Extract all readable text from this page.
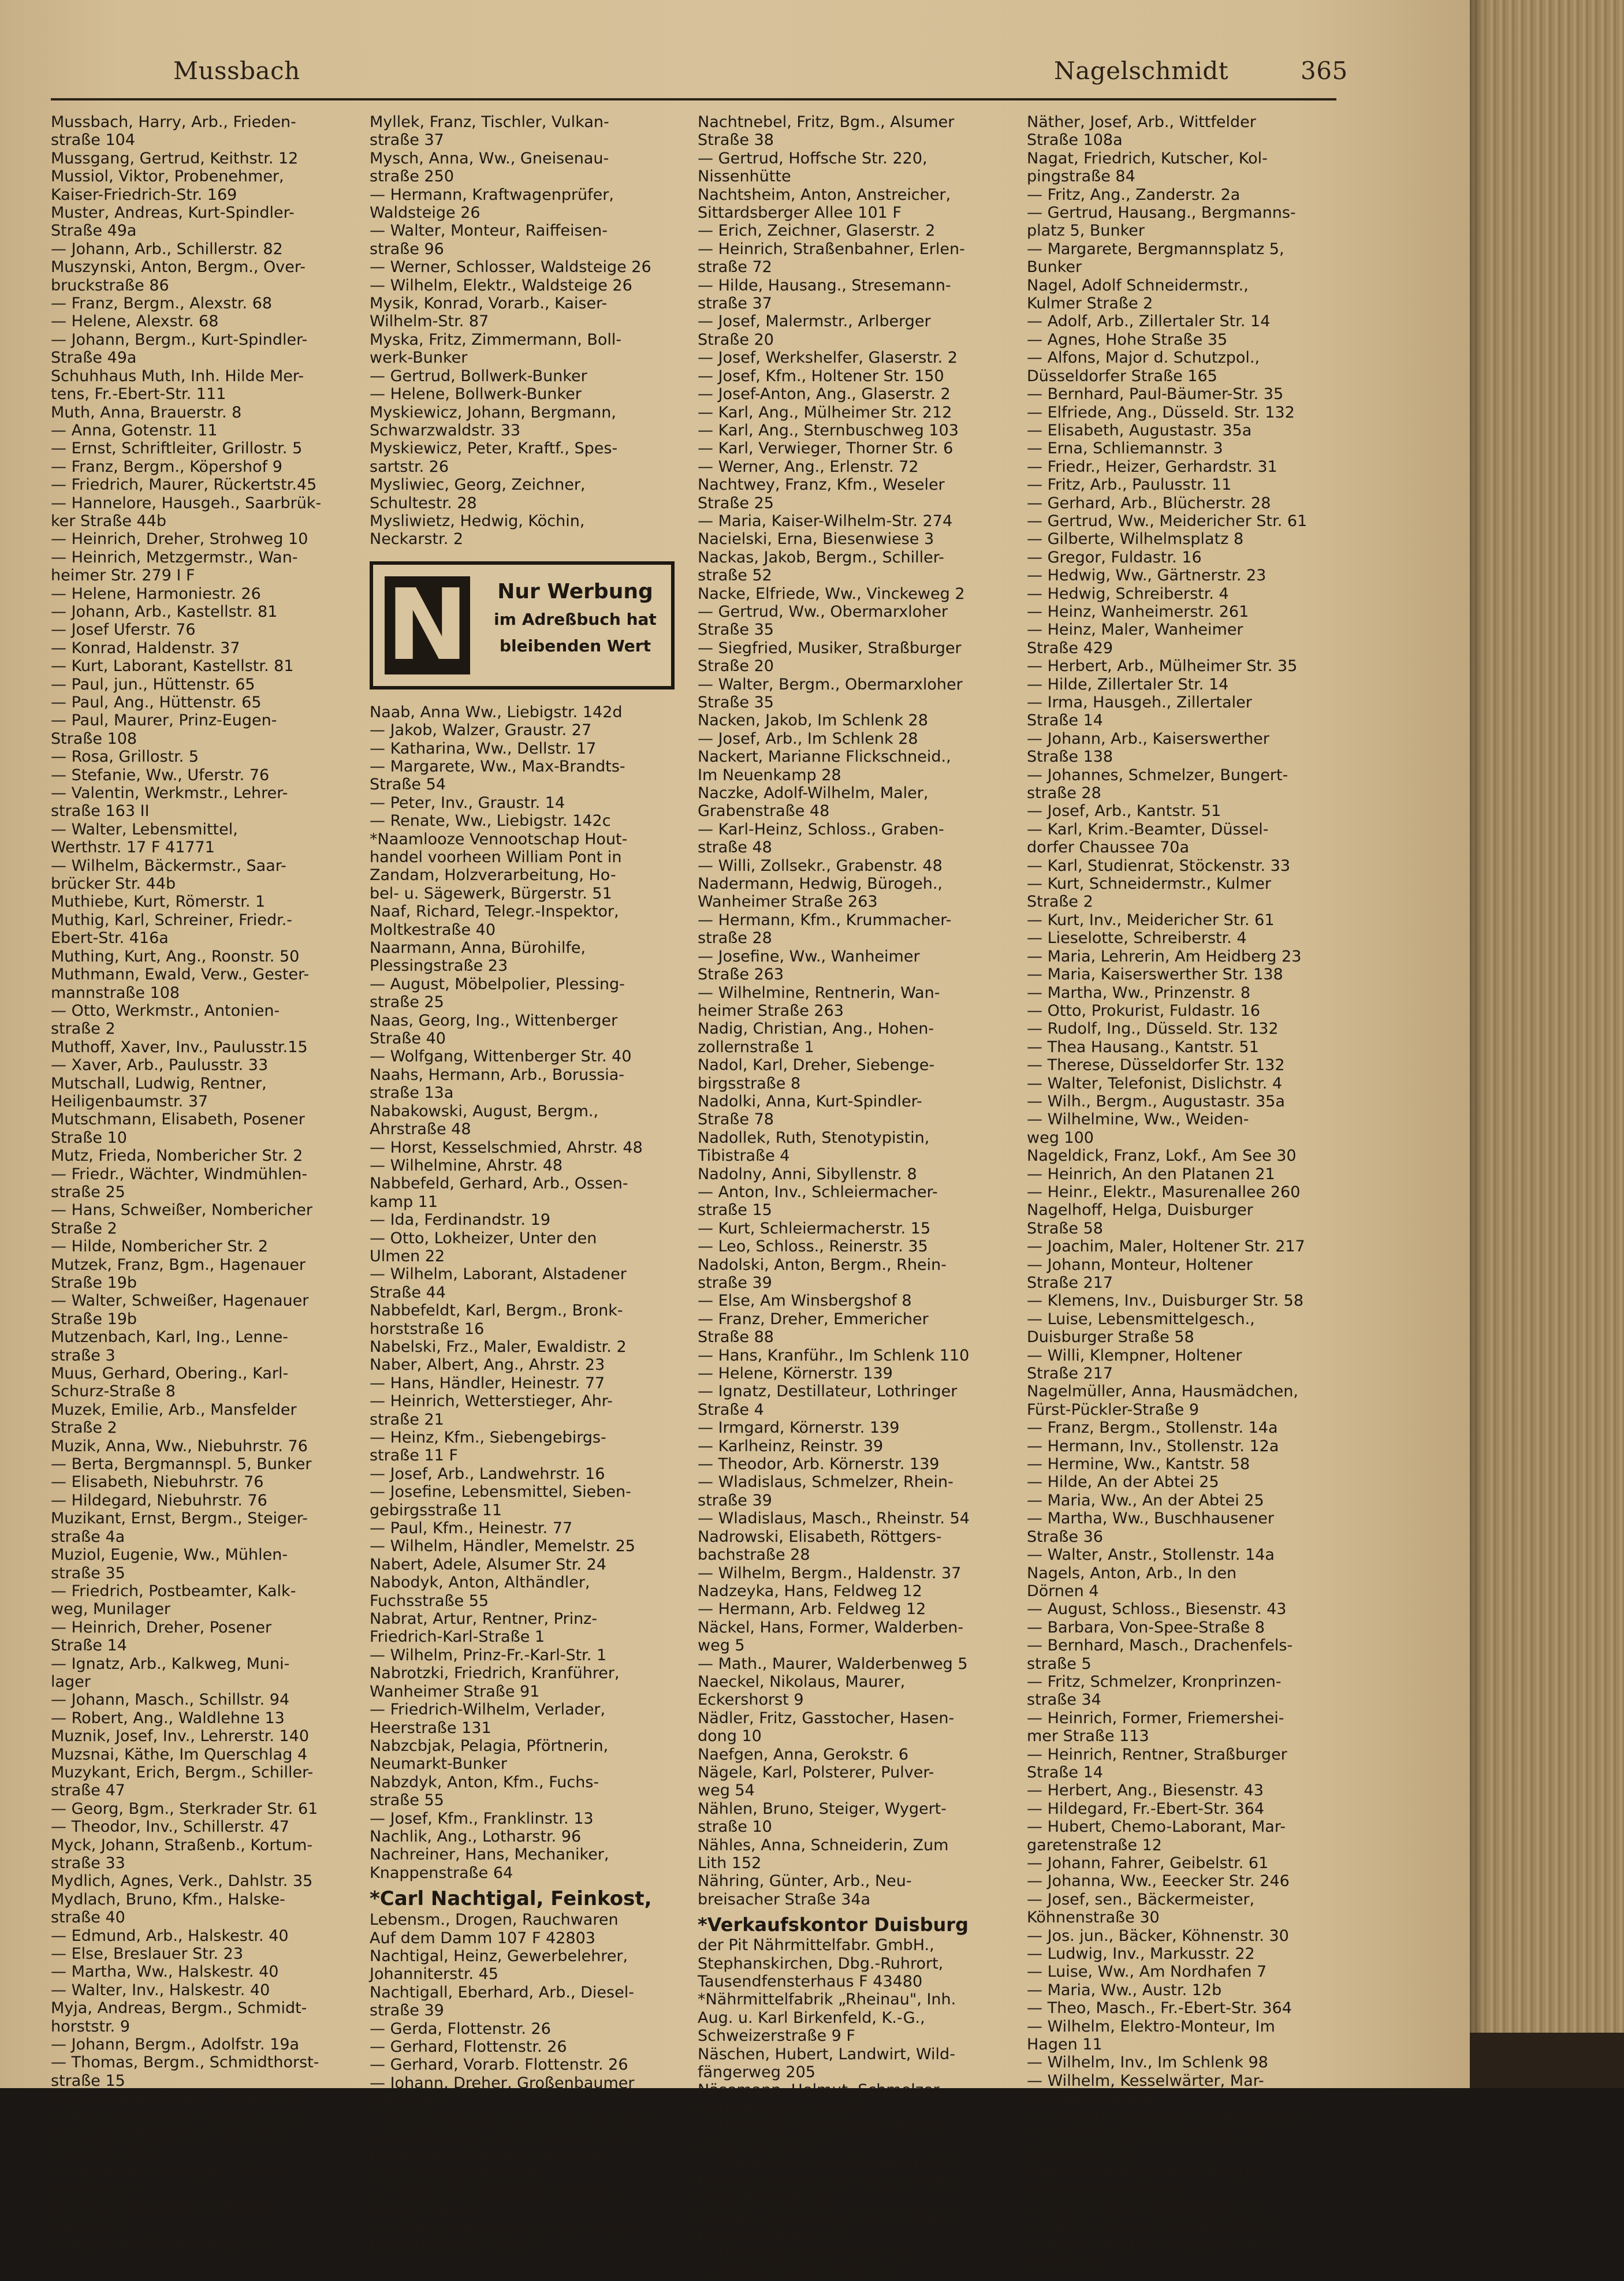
Mussbach	Nagelschmidt	365
Mussbach, Harry, Arb., Frieden-
straße 104
Mussgang, Gertrud, Keithstr. 12
Mussiol, Viktor, Probenehmer,
Kaiser-Friedrich-Str. 169
Muster, Andreas, Kurt-Spindler-
Straße 49a
— Johann, Arb., Schillerstr. 82
Muszynski, Anton, Bergm., Over-
bruckstraße 86
— Franz, Bergm., Alexstr. 68
— Helene, Alexstr. 68
— Johann, Bergm., Kurt-Spindler-
Straße 49a
Schuhhaus Muth, Inh. Hilde Mer-
tens, Fr.-Ebert-Str. 111
Muth, Anna, Brauerstr. 8
— Anna, Gotenstr. 11
— Ernst, Schriftleiter, Grillostr. 5
— Franz, Bergm., Köpershof 9
— Friedrich, Maurer, Rückertstr.45
— Hannelore, Hausgeh., Saarbrük-
ker Straße 44b
— Heinrich, Dreher, Strohweg 10
— Heinrich, Metzgermstr., Wan-
heimer Str. 279 I F
— Helene, Harmoniestr. 26
— Johann, Arb., Kastellstr. 81
— Josef Uferstr. 76
— Konrad, Haldenstr. 37
— Kurt, Laborant, Kastellstr. 81
— Paul, jun., Hüttenstr. 65
— Paul, Ang., Hüttenstr. 65
— Paul, Maurer, Prinz-Eugen-
Straße 108
— Rosa, Grillostr. 5
— Stefanie, Ww., Uferstr. 76
— Valentin, Werkmstr., Lehrer-
straße 163 II
— Walter, Lebensmittel,
Werthstr. 17 F 41771
— Wilhelm, Bäckermstr., Saar-
brücker Str. 44b
Muthiebe, Kurt, Römerstr. 1
Muthig, Karl, Schreiner, Friedr.-
Ebert-Str. 416a
Muthing, Kurt, Ang., Roonstr. 50
Muthmann, Ewald, Verw., Gester-
mannstraße 108
— Otto, Werkmstr., Antonien-
straße 2
Muthoff, Xaver, Inv., Paulusstr.15
— Xaver, Arb., Paulusstr. 33
Mutschall, Ludwig, Rentner,
Heiligenbaumstr. 37
Mutschmann, Elisabeth, Posener
Straße 10
Mutz, Frieda, Nombericher Str. 2
— Friedr., Wächter, Windmühlen-
straße 25
— Hans, Schweißer, Nombericher
Straße 2
— Hilde, Nombericher Str. 2
Mutzek, Franz, Bgm., Hagenauer
Straße 19b
— Walter, Schweißer, Hagenauer
Straße 19b
Mutzenbach, Karl, Ing., Lenne-
straße 3
Muus, Gerhard, Obering., Karl-
Schurz-Straße 8
Muzek, Emilie, Arb., Mansfelder
Straße 2
Muzik, Anna, Ww., Niebuhrstr. 76
— Berta, Bergmannspl. 5, Bunker
— Elisabeth, Niebuhrstr. 76
— Hildegard, Niebuhrstr. 76
Muzikant, Ernst, Bergm., Steiger-
straße 4a
Muziol, Eugenie, Ww., Mühlen-
straße 35
— Friedrich, Postbeamter, Kalk-
weg, Munilager
— Heinrich, Dreher, Posener
Straße 14
— Ignatz, Arb., Kalkweg, Muni-
lager
— Johann, Masch., Schillstr. 94
— Robert, Ang., Waldlehne 13
Muznik, Josef, Inv., Lehrerstr. 140
Muzsnai, Käthe, Im Querschlag 4
Muzykant, Erich, Bergm., Schiller-
straße 47
— Georg, Bgm., Sterkrader Str. 61
— Theodor, Inv., Schillerstr. 47
Myck, Johann, Straßenb., Kortum-
straße 33
Mydlich, Agnes, Verk., Dahlstr. 35
Mydlach, Bruno, Kfm., Halske-
straße 40
— Edmund, Arb., Halskestr. 40
— Else, Breslauer Str. 23
— Martha, Ww., Halskestr. 40
— Walter, Inv., Halskestr. 40
Myja, Andreas, Bergm., Schmidt-
horststr. 9
— Johann, Bergm., Adolfstr. 19a
— Thomas, Bergm., Schmidthorst-
straße 15
Myk, Johann, Bergm., Jahnstr. 71
— Paul, Schweißer, Werthstr. 21
Mykowski, Bernhard, Rentner,
Dieselstr. 10a
— Lieselotte, Hausgeh., Diesel-
straße 10a
Myland, Elisabeth, Im Birken-
kamp 12
— Hans, Im Birkenkamp 12
Myllek, Franz, Tischler, Vulkan-
straße 37
Mysch, Anna, Ww., Gneisenau-
straße 250
— Hermann, Kraftwagenprüfer,
Waldsteige 26
— Walter, Monteur, Raiffeisen-
straße 96
— Werner, Schlosser, Waldsteige 26
— Wilhelm, Elektr., Waldsteige 26
Mysik, Konrad, Vorarb., Kaiser-
Wilhelm-Str. 87
Myska, Fritz, Zimmermann, Boll-
werk-Bunker
— Gertrud, Bollwerk-Bunker
— Helene, Bollwerk-Bunker
Myskiewicz, Johann, Bergmann,
Schwarzwaldstr. 33
Myskiewicz, Peter, Kraftf., Spes-
sartstr. 26
Mysliwiec, Georg, Zeichner,
Schultestr. 28
Mysliwietz, Hedwig, Köchin,
Neckarstr. 2
N	Nur Werbung
im Adreßbuch hat
bleibenden Wert
Naab, Anna Ww., Liebigstr. 142d
— Jakob, Walzer, Graustr. 27
— Katharina, Ww., Dellstr. 17
— Margarete, Ww., Max-Brandts-
Straße 54
— Peter, Inv., Graustr. 14
— Renate, Ww., Liebigstr. 142c
*Naamlooze Vennootschap Hout-
handel voorheen William Pont in
Zandam, Holzverarbeitung, Ho-
bel- u. Sägewerk, Bürgerstr. 51
Naaf, Richard, Telegr.-Inspektor,
Moltkestraße 40
Naarmann, Anna, Bürohilfe,
Plessingstraße 23
— August, Möbelpolier, Plessing-
straße 25
Naas, Georg, Ing., Wittenberger
Straße 40
— Wolfgang, Wittenberger Str. 40
Naahs, Hermann, Arb., Borussia-
straße 13a
Nabakowski, August, Bergm.,
Ahrstraße 48
— Horst, Kesselschmied, Ahrstr. 48
— Wilhelmine, Ahrstr. 48
Nabbefeld, Gerhard, Arb., Ossen-
kamp 11
— Ida, Ferdinandstr. 19
— Otto, Lokheizer, Unter den
Ulmen 22
— Wilhelm, Laborant, Alstadener
Straße 44
Nabbefeldt, Karl, Bergm., Bronk-
horststraße 16
Nabelski, Frz., Maler, Ewaldistr. 2
Naber, Albert, Ang., Ahrstr. 23
— Hans, Händler, Heinestr. 77
— Heinrich, Wetterstieger, Ahr-
straße 21
— Heinz, Kfm., Siebengebirgs-
straße 11 F
— Josef, Arb., Landwehrstr. 16
— Josefine, Lebensmittel, Sieben-
gebirgsstraße 11
— Paul, Kfm., Heinestr. 77
— Wilhelm, Händler, Memelstr. 25
Nabert, Adele, Alsumer Str. 24
Nabodyk, Anton, Althändler,
Fuchsstraße 55
Nabrat, Artur, Rentner, Prinz-
Friedrich-Karl-Straße 1
— Wilhelm, Prinz-Fr.-Karl-Str. 1
Nabrotzki, Friedrich, Kranführer,
Wanheimer Straße 91
— Friedrich-Wilhelm, Verlader,
Heerstraße 131
Nabzcbjak, Pelagia, Pförtnerin,
Neumarkt-Bunker
Nabzdyk, Anton, Kfm., Fuchs-
straße 55
— Josef, Kfm., Franklinstr. 13
Nachlik, Ang., Lotharstr. 96
Nachreiner, Hans, Mechaniker,
Knappenstraße 64
*Carl Nachtigal, Feinkost,
Lebensm., Drogen, Rauchwaren
Auf dem Damm 107 F 42803
Nachtigal, Heinz, Gewerbelehrer,
Johanniterstr. 45
Nachtigall, Eberhard, Arb., Diesel-
straße 39
— Gerda, Flottenstr. 26
— Gerhard, Flottenstr. 26
— Gerhard, Vorarb. Flottenstr. 26
— Johann, Dreher, Großenbaumer
Allee 141
— Kurt, Fotograf, Auf d. Damm 107
— Martha, Ww., Auf d. Damm 107
Nachtmann, Eduard, Werkmstr.,
Gneisenaustraße 250
— Ferdinand, Verputzer, Ranen-
bergstraße 21
— *Hans, Autovermietung, Nettel-
beckstraße 2 F 30447
Nachtnebel, Fritz, Bgm., Alsumer
Straße 38
— Gertrud, Hoffsche Str. 220,
Nissenhütte
Nachtsheim, Anton, Anstreicher,
Sittardsberger Allee 101 F
— Erich, Zeichner, Glaserstr. 2
— Heinrich, Straßenbahner, Erlen-
straße 72
— Hilde, Hausang., Stresemann-
straße 37
— Josef, Malermstr., Arlberger
Straße 20
— Josef, Werkshelfer, Glaserstr. 2
— Josef, Kfm., Holtener Str. 150
— Josef-Anton, Ang., Glaserstr. 2
— Karl, Ang., Mülheimer Str. 212
— Karl, Ang., Sternbuschweg 103
— Karl, Verwieger, Thorner Str. 6
— Werner, Ang., Erlenstr. 72
Nachtwey, Franz, Kfm., Weseler
Straße 25
— Maria, Kaiser-Wilhelm-Str. 274
Nacielski, Erna, Biesenwiese 3
Nackas, Jakob, Bergm., Schiller-
straße 52
Nacke, Elfriede, Ww., Vinckeweg 2
— Gertrud, Ww., Obermarxloher
Straße 35
— Siegfried, Musiker, Straßburger
Straße 20
— Walter, Bergm., Obermarxloher
Straße 35
Nacken, Jakob, Im Schlenk 28
— Josef, Arb., Im Schlenk 28
Nackert, Marianne Flickschneid.,
Im Neuenkamp 28
Naczke, Adolf-Wilhelm, Maler,
Grabenstraße 48
— Karl-Heinz, Schloss., Graben-
straße 48
— Willi, Zollsekr., Grabenstr. 48
Nadermann, Hedwig, Bürogeh.,
Wanheimer Straße 263
— Hermann, Kfm., Krummacher-
straße 28
— Josefine, Ww., Wanheimer
Straße 263
— Wilhelmine, Rentnerin, Wan-
heimer Straße 263
Nadig, Christian, Ang., Hohen-
zollernstraße 1
Nadol, Karl, Dreher, Siebenge-
birgsstraße 8
Nadolki, Anna, Kurt-Spindler-
Straße 78
Nadollek, Ruth, Stenotypistin,
Tibistraße 4
Nadolny, Anni, Sibyllenstr. 8
— Anton, Inv., Schleiermacher-
straße 15
— Kurt, Schleiermacherstr. 15
— Leo, Schloss., Reinerstr. 35
Nadolski, Anton, Bergm., Rhein-
straße 39
— Else, Am Winsbergshof 8
— Franz, Dreher, Emmericher
Straße 88
— Hans, Kranführ., Im Schlenk 110
— Helene, Körnerstr. 139
— Ignatz, Destillateur, Lothringer
Straße 4
— Irmgard, Körnerstr. 139
— Karlheinz, Reinstr. 39
— Theodor, Arb. Körnerstr. 139
— Wladislaus, Schmelzer, Rhein-
straße 39
— Wladislaus, Masch., Rheinstr. 54
Nadrowski, Elisabeth, Röttgers-
bachstraße 28
— Wilhelm, Bergm., Haldenstr. 37
Nadzeyka, Hans, Feldweg 12
— Hermann, Arb. Feldweg 12
Näckel, Hans, Former, Walderben-
weg 5
— Math., Maurer, Walderbenweg 5
Naeckel, Nikolaus, Maurer,
Eckershorst 9
Nädler, Fritz, Gasstocher, Hasen-
dong 10
Naefgen, Anna, Gerokstr. 6
Nägele, Karl, Polsterer, Pulver-
weg 54
Nählen, Bruno, Steiger, Wygert-
straße 10
Nähles, Anna, Schneiderin, Zum
Lith 152
Nähring, Günter, Arb., Neu-
breisacher Straße 34a
*Verkaufskontor Duisburg
der Pit Nährmittelfabr. GmbH.,
Stephanskirchen, Dbg.-Ruhrort,
Tausendfensterhaus F 43480
*Nährmittelfabrik „Rheinau", Inh.
Aug. u. Karl Birkenfeld, K.-G.,
Schweizerstraße 9 F
Näschen, Hubert, Landwirt, Wild-
fängerweg 205
Näsemann, Helmut, Schmelzer,
Habsburgerstraße 27
— Hermann Mechaniker, Habs-
burgerstraße 27
— Maria, Ww., Habsburgerstr. 27
Naeser, Gerhard, Dr.-Ing., Schulz-
Knaudt-Straße 32
Näsiger, Grete, Hausgeh., Albert-
Magnus-Straße 13
— Hermann, Valenkamp 15
— Walter, Valenkamp 15
Näther, Josef, Arb., Wittfelder
Straße 108a
Nagat, Friedrich, Kutscher, Kol-
pingstraße 84
— Fritz, Ang., Zanderstr. 2a
— Gertrud, Hausang., Bergmanns-
platz 5, Bunker
— Margarete, Bergmannsplatz 5,
Bunker
Nagel, Adolf Schneidermstr.,
Kulmer Straße 2
— Adolf, Arb., Zillertaler Str. 14
— Agnes, Hohe Straße 35
— Alfons, Major d. Schutzpol.,
Düsseldorfer Straße 165
— Bernhard, Paul-Bäumer-Str. 35
— Elfriede, Ang., Düsseld. Str. 132
— Elisabeth, Augustastr. 35a
— Erna, Schliemannstr. 3
— Friedr., Heizer, Gerhardstr. 31
— Fritz, Arb., Paulusstr. 11
— Gerhard, Arb., Blücherstr. 28
— Gertrud, Ww., Meidericher Str. 61
— Gilberte, Wilhelmsplatz 8
— Gregor, Fuldastr. 16
— Hedwig, Ww., Gärtnerstr. 23
— Hedwig, Schreiberstr. 4
— Heinz, Wanheimerstr. 261
— Heinz, Maler, Wanheimer
Straße 429
— Herbert, Arb., Mülheimer Str. 35
— Hilde, Zillertaler Str. 14
— Irma, Hausgeh., Zillertaler
Straße 14
— Johann, Arb., Kaiserswerther
Straße 138
— Johannes, Schmelzer, Bungert-
straße 28
— Josef, Arb., Kantstr. 51
— Karl, Krim.-Beamter, Düssel-
dorfer Chaussee 70a
— Karl, Studienrat, Stöckenstr. 33
— Kurt, Schneidermstr., Kulmer
Straße 2
— Kurt, Inv., Meidericher Str. 61
— Lieselotte, Schreiberstr. 4
— Maria, Lehrerin, Am Heidberg 23
— Maria, Kaiserswerther Str. 138
— Martha, Ww., Prinzenstr. 8
— Otto, Prokurist, Fuldastr. 16
— Rudolf, Ing., Düsseld. Str. 132
— Thea Hausang., Kantstr. 51
— Therese, Düsseldorfer Str. 132
— Walter, Telefonist, Dislichstr. 4
— Wilh., Bergm., Augustastr. 35a
— Wilhelmine, Ww., Weiden-
weg 100
Nageldick, Franz, Lokf., Am See 30
— Heinrich, An den Platanen 21
— Heinr., Elektr., Masurenallee 260
Nagelhoff, Helga, Duisburger
Straße 58
— Joachim, Maler, Holtener Str. 217
— Johann, Monteur, Holtener
Straße 217
— Klemens, Inv., Duisburger Str. 58
— Luise, Lebensmittelgesch.,
Duisburger Straße 58
— Willi, Klempner, Holtener
Straße 217
Nagelmüller, Anna, Hausmädchen,
Fürst-Pückler-Straße 9
— Franz, Bergm., Stollenstr. 14a
— Hermann, Inv., Stollenstr. 12a
— Hermine, Ww., Kantstr. 58
— Hilde, An der Abtei 25
— Maria, Ww., An der Abtei 25
— Martha, Ww., Buschhausener
Straße 36
— Walter, Anstr., Stollenstr. 14a
Nagels, Anton, Arb., In den
Dörnen 4
— August, Schloss., Biesenstr. 43
— Barbara, Von-Spee-Straße 8
— Bernhard, Masch., Drachenfels-
straße 5
— Fritz, Schmelzer, Kronprinzen-
straße 34
— Heinrich, Former, Friemershei-
mer Straße 113
— Heinrich, Rentner, Straßburger
Straße 14
— Herbert, Ang., Biesenstr. 43
— Hildegard, Fr.-Ebert-Str. 364
— Hubert, Chemo-Laborant, Mar-
garetenstraße 12
— Johann, Fahrer, Geibelstr. 61
— Johanna, Ww., Eeecker Str. 246
— Josef, sen., Bäckermeister,
Köhnenstraße 30
— Jos. jun., Bäcker, Köhnenstr. 30
— Ludwig, Inv., Markusstr. 22
— Luise, Ww., Am Nordhafen 7
— Maria, Ww., Austr. 12b
— Theo, Masch., Fr.-Ebert-Str. 364
— Wilhelm, Elektro-Monteur, Im
Hagen 11
— Wilhelm, Inv., Im Schlenk 98
— Wilhelm, Kesselwärter, Mar-
garetenstraße 6
— Wilhelm, Schloss., Matthesstr. 8a
— Wilhelm, Klempnermstr., Sei-
tenstraße 15 F
Nagelschmidt, Johann, Bergm.,
Overbruckstraße 60
— Josef, Glaser, Steigerstr. 23
— Peter, Hauer, Coupettestr. 13
— Peter, Bergm., Papiermühlen-
straße 29
